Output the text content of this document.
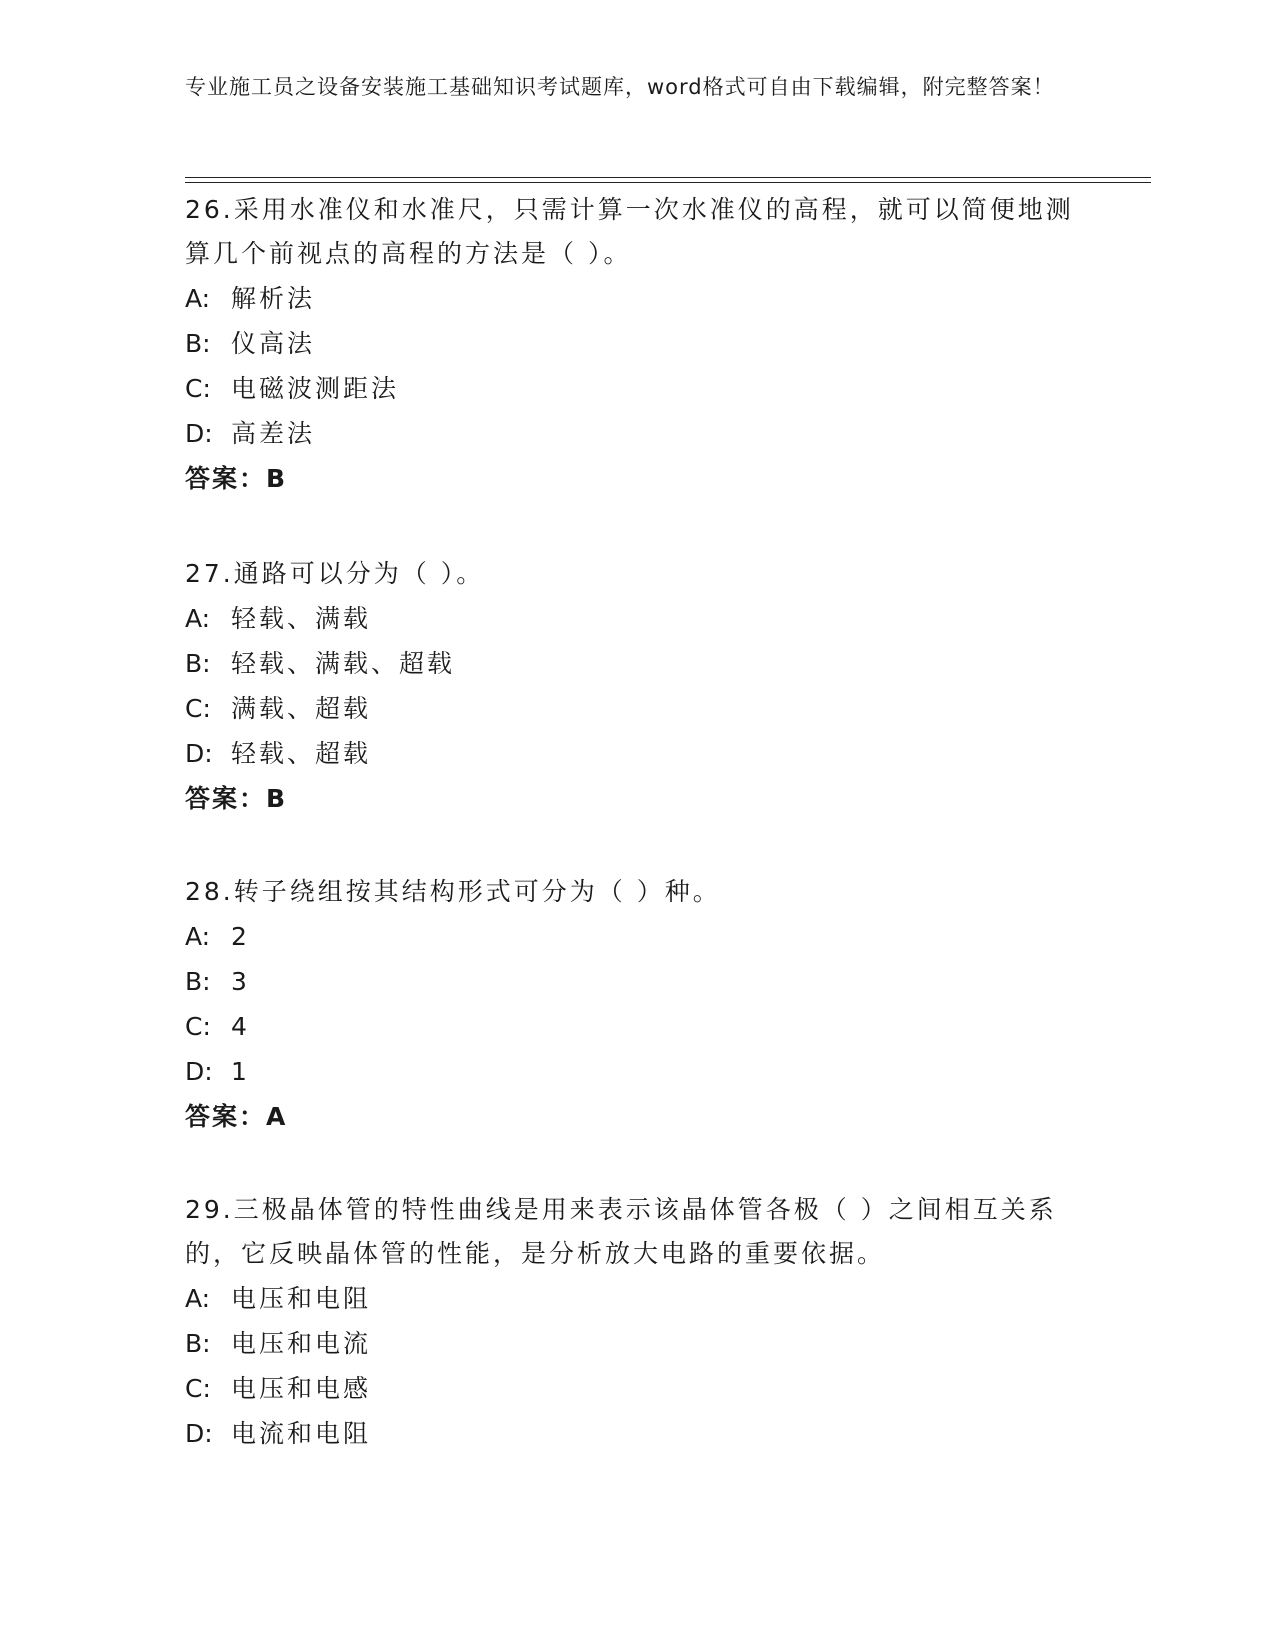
专业施工员之设备安装施工基础知识考试题库，word格式可自由下载编辑，附完整答案！
26.采用水准仪和水准尺，只需计算一次水准仪的高程，就可以简便地测算几个前视点的高程的方法是（ ）。
A: 解析法
B: 仪高法
C: 电磁波测距法
D: 高差法
答案：B
27.通路可以分为（ ）。
A: 轻载、满载
B: 轻载、满载、超载
C: 满载、超载
D: 轻载、超载
答案：B
28.转子绕组按其结构形式可分为（ ）种。
A: 2
B: 3
C: 4
D: 1
答案：A
29.三极晶体管的特性曲线是用来表示该晶体管各极（ ）之间相互关系的，它反映晶体管的性能，是分析放大电路的重要依据。
A: 电压和电阻
B: 电压和电流
C: 电压和电感
D: 电流和电阻
